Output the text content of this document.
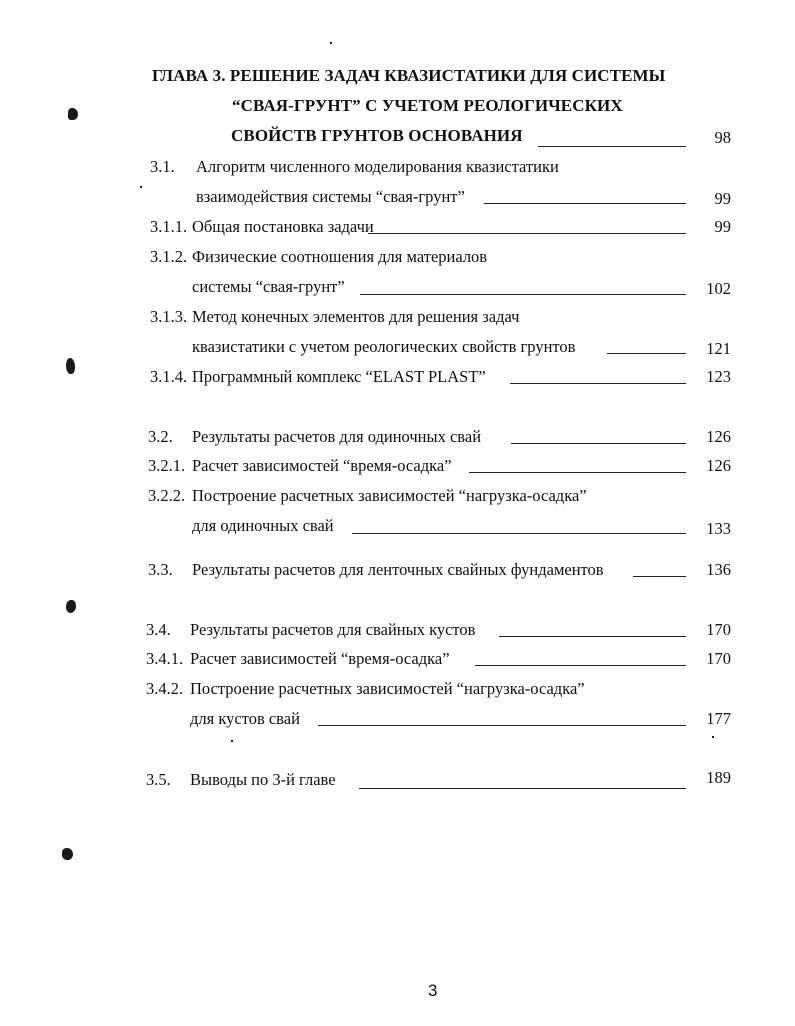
ГЛАВА 3. РЕШЕНИЕ ЗАДАЧ КВАЗИСТАТИКИ ДЛЯ СИСТЕМЫ
“СВАЯ-ГРУНТ” С УЧЕТОМ РЕОЛОГИЧЕСКИХ
СВОЙСТВ ГРУНТОВ ОСНОВАНИЯ	98
3.1. Алгоритм численного моделирования квазистатики
взаимодействия системы “свая-грунт”	99
3.1.1. Общая постановка задачи	99
3.1.2. Физические соотношения для материалов
системы “свая-грунт”	102
3.1.3. Метод конечных элементов для решения задач
квазистатики с учетом реологических свойств грунтов	121
3.1.4. Программный комплекс “ELAST PLAST”	123
3.2. Результаты расчетов для одиночных свай	126
3.2.1. Расчет зависимостей “время-осадка”	126
3.2.2. Построение расчетных зависимостей “нагрузка-осадка”
для одиночных свай	133
3.3. Результаты расчетов для ленточных свайных фундаментов	136
3.4. Результаты расчетов для свайных кустов	170
3.4.1. Расчет зависимостей “время-осадка”	170
3.4.2. Построение расчетных зависимостей “нагрузка-осадка”
для кустов свай	177
3.5. Выводы по 3-й главе	189
3
